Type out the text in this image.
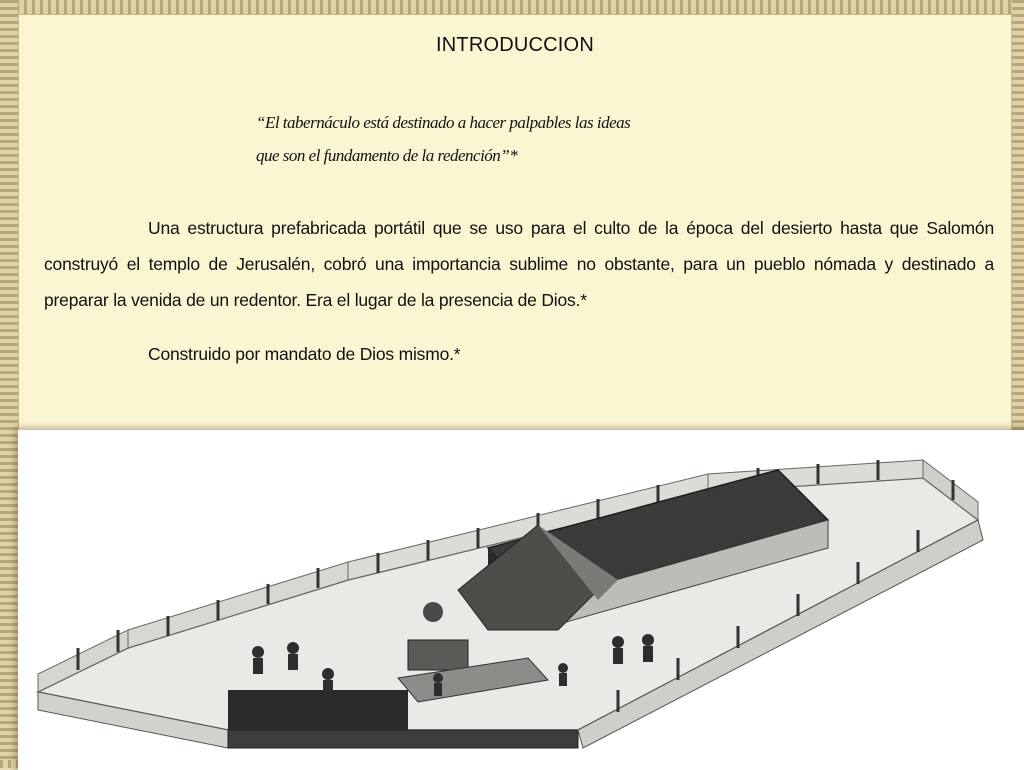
INTRODUCCION
“El tabernáculo está destinado a hacer palpables las ideas
que son el fundamento de la redención”*
Una estructura prefabricada portátil que se uso para el culto de la época del desierto hasta que Salomón construyó el templo de Jerusalén, cobró una importancia sublime no obstante, para un pueblo nómada y destinado a preparar la venida de un redentor. Era el lugar de la presencia de Dios.*
Construido por mandato de Dios mismo.*
